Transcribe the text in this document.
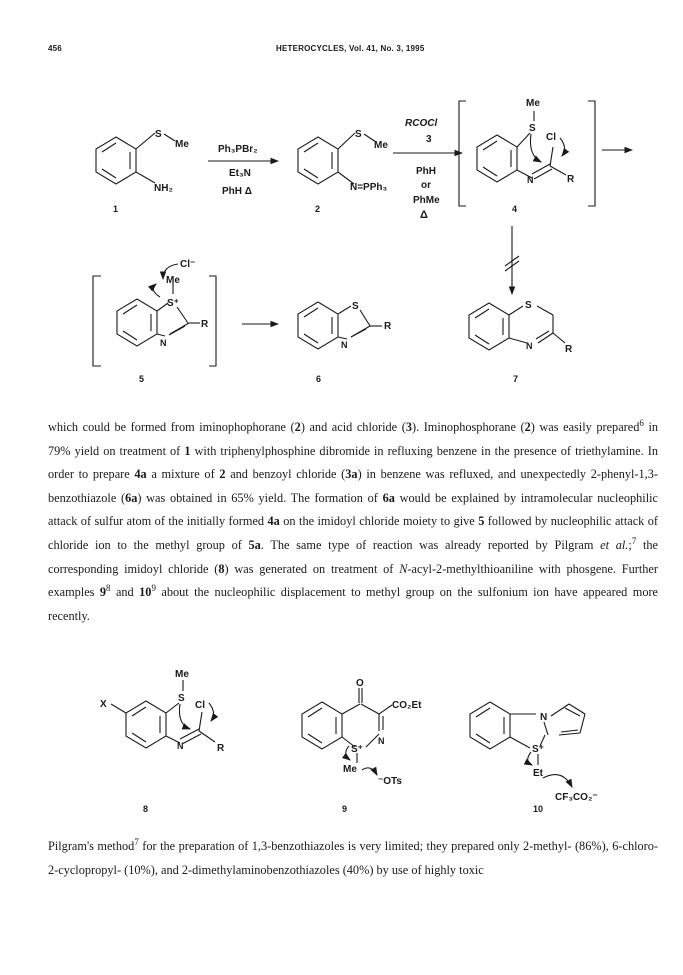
456	HETEROCYCLES, Vol. 41, No. 3, 1995
S
Me
NH₂
1
Ph₃PBr₂
Et₃N
PhH Δ
S
Me
N=PPh₃
2
RCOCl
3
PhH
or
PhMe
Δ
Me
S
Cl
N	R
4
Cl⁻
Me
S⁺
N
R
5
S
N
R
6
S
N	R
7

which could be formed from iminophophorane (2) and acid chloride (3). Iminophosphorane (2) was easily prepared$^6$ in 79% yield on treatment of 1 with triphenylphosphine dibromide in refluxing benzene in the presence of triethylamine. In order to prepare 4a a mixture of 2 and benzoyl chloride (3a) in benzene was refluxed, and unexpectedly 2-phenyl-1,3-benzothiazole (6a) was obtained in 65% yield. The formation of 6a would be explained by intramolecular nucleophilic attack of sulfur atom of the initially formed 4a on the imidoyl chloride moiety to give 5 followed by nucleophilic attack of chloride ion to the methyl group of 5a. The same type of reaction was already reported by Pilgram et al.;$^7$ the corresponding imidoyl chloride (8) was generated on treatment of N-acyl-2-methylthioaniline with phosgene. Further examples $9^8$ and $10^9$ about the nucleophilic displacement to methyl group on the sulfonium ion have appeared more recently.

X
Me
S
Cl
N	R
8
O
CO₂Et
N
S⁺
Me
⁻OTs
9
N
S⁺
Et
CF₃CO₂⁻
10

Pilgram's method$^7$ for the preparation of 1,3-benzothiazoles is very limited; they prepared only 2-methyl- (86%), 6-chloro-2-cyclopropyl- (10%), and 2-dimethylaminobenzothiazoles (40%) by use of highly toxic
